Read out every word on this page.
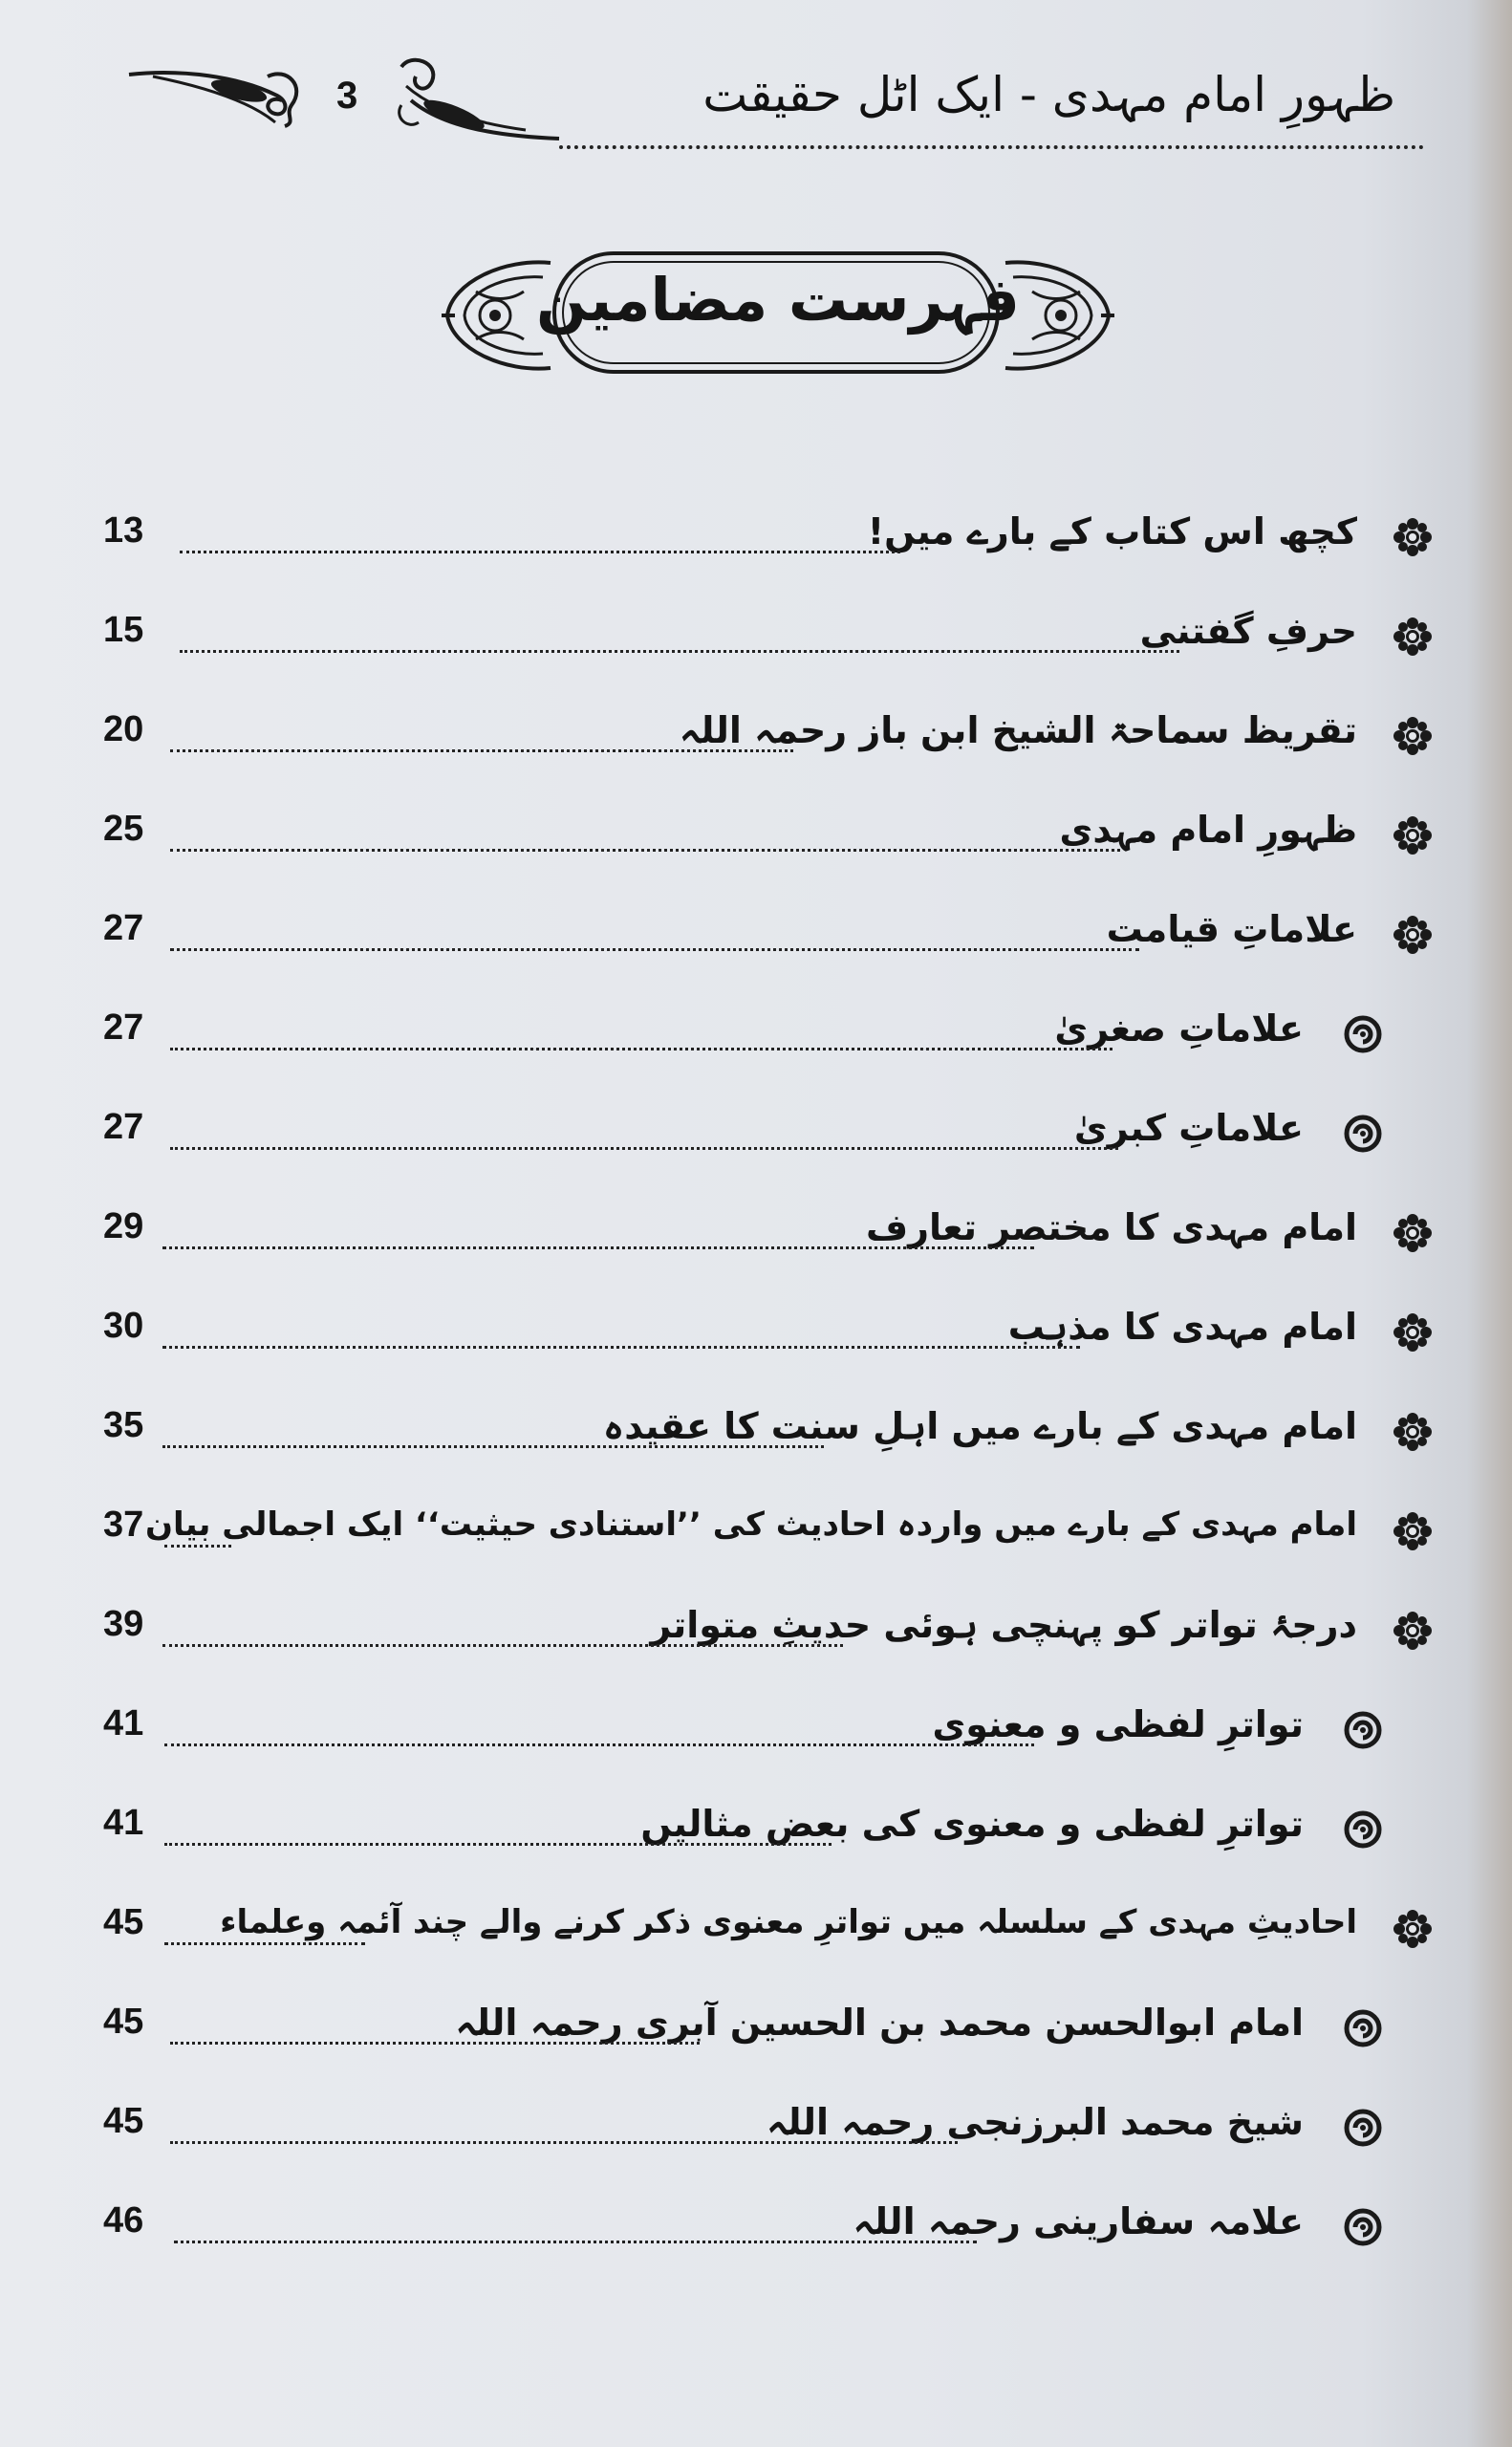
3	ظہورِ امام مہدی - ایک اٹل حقیقت
فہرست مضامین
کچھ اس کتاب کے بارے میں!
13
حرفِ گفتنی
15
تقریظ سماحۃ الشیخ ابن باز رحمہ اللہ
20
ظہورِ امام مہدی
25
علاماتِ قیامت
27
علاماتِ صغریٰ
27
علاماتِ کبریٰ
27
امام مہدی کا مختصر تعارف
29
امام مہدی کا مذہب
30
امام مہدی کے بارے میں اہلِ سنت کا عقیدہ
35
امام مہدی کے بارے میں واردہ احادیث کی ’’استنادی حیثیت‘‘ ایک اجمالی بیان
37
درجۂ تواتر کو پہنچی ہوئی حدیثِ متواتر
39
تواترِ لفظی و معنوی
41
تواترِ لفظی و معنوی کی بعض مثالیں
41
احادیثِ مہدی کے سلسلہ میں تواترِ معنوی ذکر کرنے والے چند آئمہ وعلماء
45
امام ابوالحسن محمد بن الحسین آبری رحمہ اللہ
45
شیخ محمد البرزنجی رحمہ اللہ
45
علامہ سفارینی رحمہ اللہ
46
